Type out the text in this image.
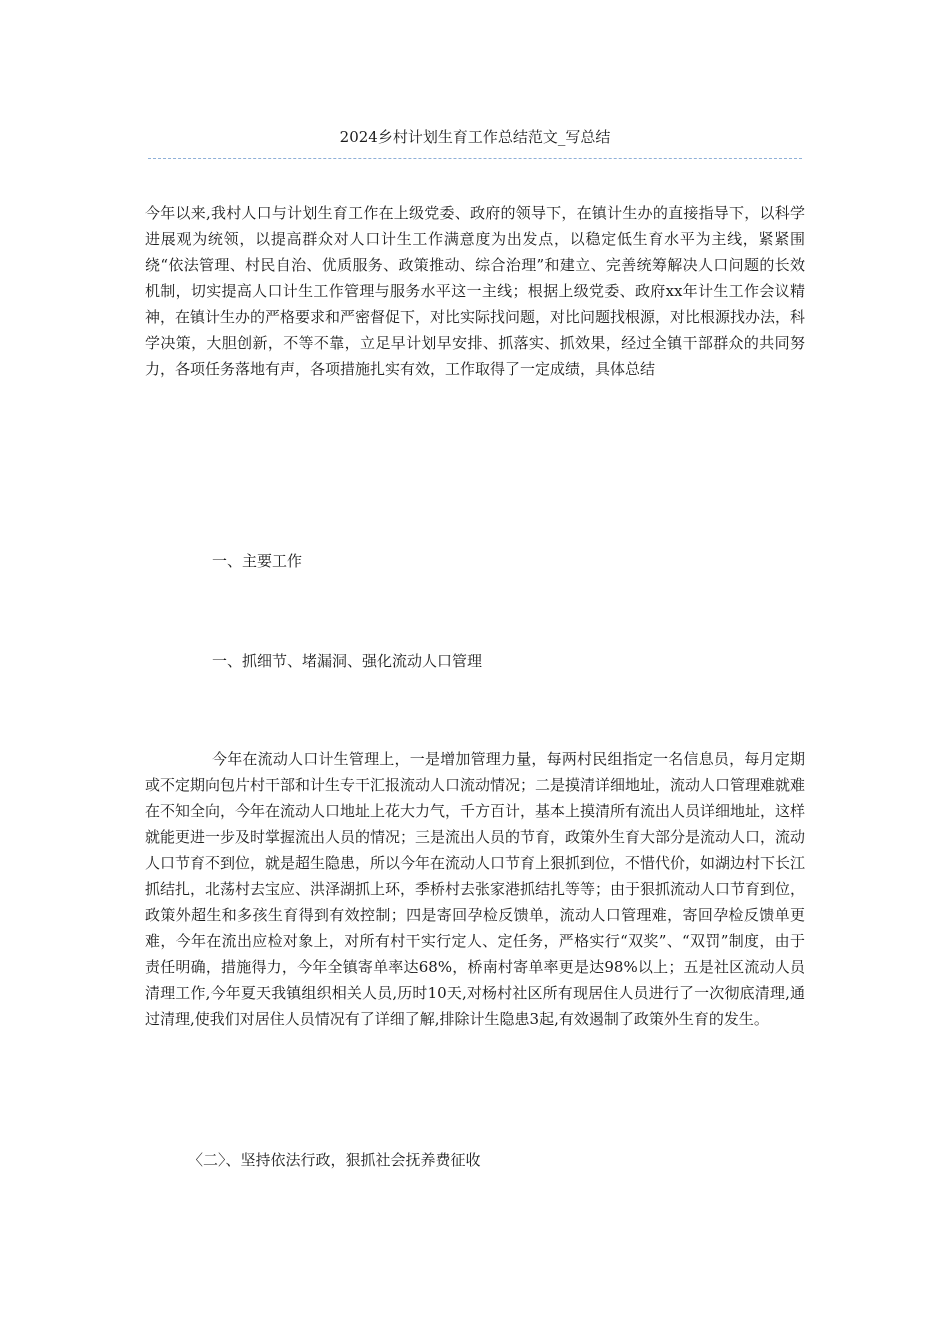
2024乡村计划生育工作总结范文_写总结

今年以来,我村人口与计划生育工作在上级党委、政府的领导下，在镇计生办的直接指导下，以科学进展观为统领，以提高群众对人口计生工作满意度为出发点，以稳定低生育水平为主线，紧紧围绕“依法管理、村民自治、优质服务、政策推动、综合治理”和建立、完善统筹解决人口问题的长效机制，切实提高人口计生工作管理与服务水平这一主线；根据上级党委、政府xx年计生工作会议精神，在镇计生办的严格要求和严密督促下，对比实际找问题，对比问题找根源，对比根源找办法，科学决策，大胆创新，不等不靠，立足早计划早安排、抓落实、抓效果，经过全镇干部群众的共同努力，各项任务落地有声，各项措施扎实有效，工作取得了一定成绩，具体总结

一、主要工作

一、抓细节、堵漏洞、强化流动人口管理

今年在流动人口计生管理上，一是增加管理力量，每两村民组指定一名信息员，每月定期或不定期向包片村干部和计生专干汇报流动人口流动情况；二是摸清详细地址，流动人口管理难就难在不知全向，今年在流动人口地址上花大力气，千方百计，基本上摸清所有流出人员详细地址，这样就能更进一步及时掌握流出人员的情况；三是流出人员的节育，政策外生育大部分是流动人口，流动人口节育不到位，就是超生隐患，所以今年在流动人口节育上狠抓到位，不惜代价，如湖边村下长江抓结扎，北荡村去宝应、洪泽湖抓上环，季桥村去张家港抓结扎等等；由于狠抓流动人口节育到位，政策外超生和多孩生育得到有效控制；四是寄回孕检反馈单，流动人口管理难，寄回孕检反馈单更难，今年在流出应检对象上，对所有村干实行定人、定任务，严格实行“双奖”、“双罚”制度，由于责任明确，措施得力，今年全镇寄单率达68%，桥南村寄单率更是达98%以上；五是社区流动人员清理工作,今年夏天我镇组织相关人员,历时10天,对杨村社区所有现居住人员进行了一次彻底清理,通过清理,使我们对居住人员情况有了详细了解,排除计生隐患3起,有效遏制了政策外生育的发生。

〈二〉、坚持依法行政，狠抓社会抚养费征收
